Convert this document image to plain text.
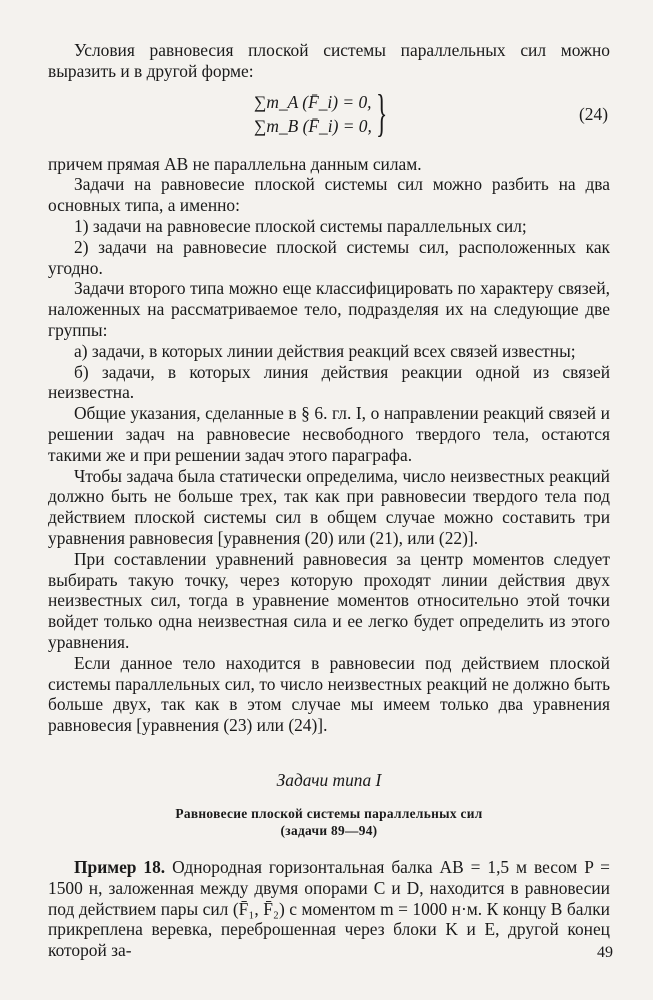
Условия равновесия плоской системы параллельных сил можно выразить и в другой форме:

∑m_A (F̄_i) = 0,
∑m_B (F̄_i) = 0, }	(24)

причем прямая AB не параллельна данным силам.

Задачи на равновесие плоской системы сил можно разбить на два основных типа, а именно:

1) задачи на равновесие плоской системы параллельных сил;

2) задачи на равновесие плоской системы сил, расположенных как угодно.

Задачи второго типа можно еще классифицировать по характеру связей, наложенных на рассматриваемое тело, подразделяя их на следующие две группы:

а) задачи, в которых линии действия реакций всех связей известны;

б) задачи, в которых линия действия реакции одной из связей неизвестна.

Общие указания, сделанные в § 6. гл. I, о направлении реакций связей и решении задач на равновесие несвободного твердого тела, остаются такими же и при решении задач этого параграфа.

Чтобы задача была статически определима, число неизвестных реакций должно быть не больше трех, так как при равновесии твердого тела под действием плоской системы сил в общем случае можно составить три уравнения равновесия [уравнения (20) или (21), или (22)].

При составлении уравнений равновесия за центр моментов следует выбирать такую точку, через которую проходят линии действия двух неизвестных сил, тогда в уравнение моментов относительно этой точки войдет только одна неизвестная сила и ее легко будет определить из этого уравнения.

Если данное тело находится в равновесии под действием плоской системы параллельных сил, то число неизвестных реакций не должно быть больше двух, так как в этом случае мы имеем только два уравнения равновесия [уравнения (23) или (24)].

Задачи типа I
Равновесие плоской системы параллельных сил
(задачи 89—94)

Пример 18. Однородная горизонтальная балка AB = 1,5 м весом P = 1500 н, заложенная между двумя опорами C и D, находится в равновесии под действием пары сил (F̄₁, F̄₂) с моментом m = 1000 н·м. К концу B балки прикреплена веревка, переброшенная через блоки K и E, другой конец которой за-	49
